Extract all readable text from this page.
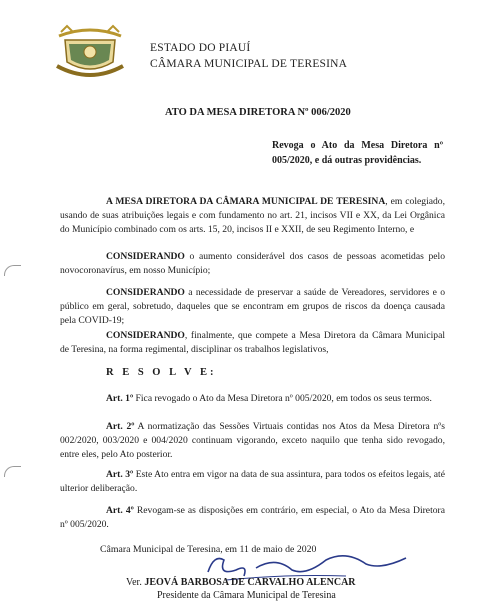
ESTADO DO PIAUÍ
CÂMARA MUNICIPAL DE TERESINA
ATO DA MESA DIRETORA Nº 006/2020
Revoga o Ato da Mesa Diretora nº 005/2020, e dá outras providências.
A MESA DIRETORA DA CÂMARA MUNICIPAL DE TERESINA, em colegiado, usando de suas atribuições legais e com fundamento no art. 21, incisos VII e XX, da Lei Orgânica do Município combinado com os arts. 15, 20, incisos II e XXII, de seu Regimento Interno, e
CONSIDERANDO o aumento considerável dos casos de pessoas acometidas pelo novocoronavírus, em nosso Município;
CONSIDERANDO a necessidade de preservar a saúde de Vereadores, servidores e o público em geral, sobretudo, daqueles que se encontram em grupos de riscos da doença causada pela COVID-19;
CONSIDERANDO, finalmente, que compete a Mesa Diretora da Câmara Municipal de Teresina, na forma regimental, disciplinar os trabalhos legislativos,
R E S O L V E:
Art. 1º Fica revogado o Ato da Mesa Diretora nº 005/2020, em todos os seus termos.
Art. 2º A normatização das Sessões Virtuais contidas nos Atos da Mesa Diretora nºs 002/2020, 003/2020 e 004/2020 continuam vigorando, exceto naquilo que tenha sido revogado, entre eles, pelo Ato posterior.
Art. 3º Este Ato entra em vigor na data de sua assintura, para todos os efeitos legais, até ulterior deliberação.
Art. 4º Revogam-se as disposições em contrário, em especial, o Ato da Mesa Diretora nº 005/2020.
Câmara Municipal de Teresina, em 11 de maio de 2020
Ver. JEOVÁ BARBOSA DE CARVALHO ALENCAR
Presidente da Câmara Municipal de Teresina
